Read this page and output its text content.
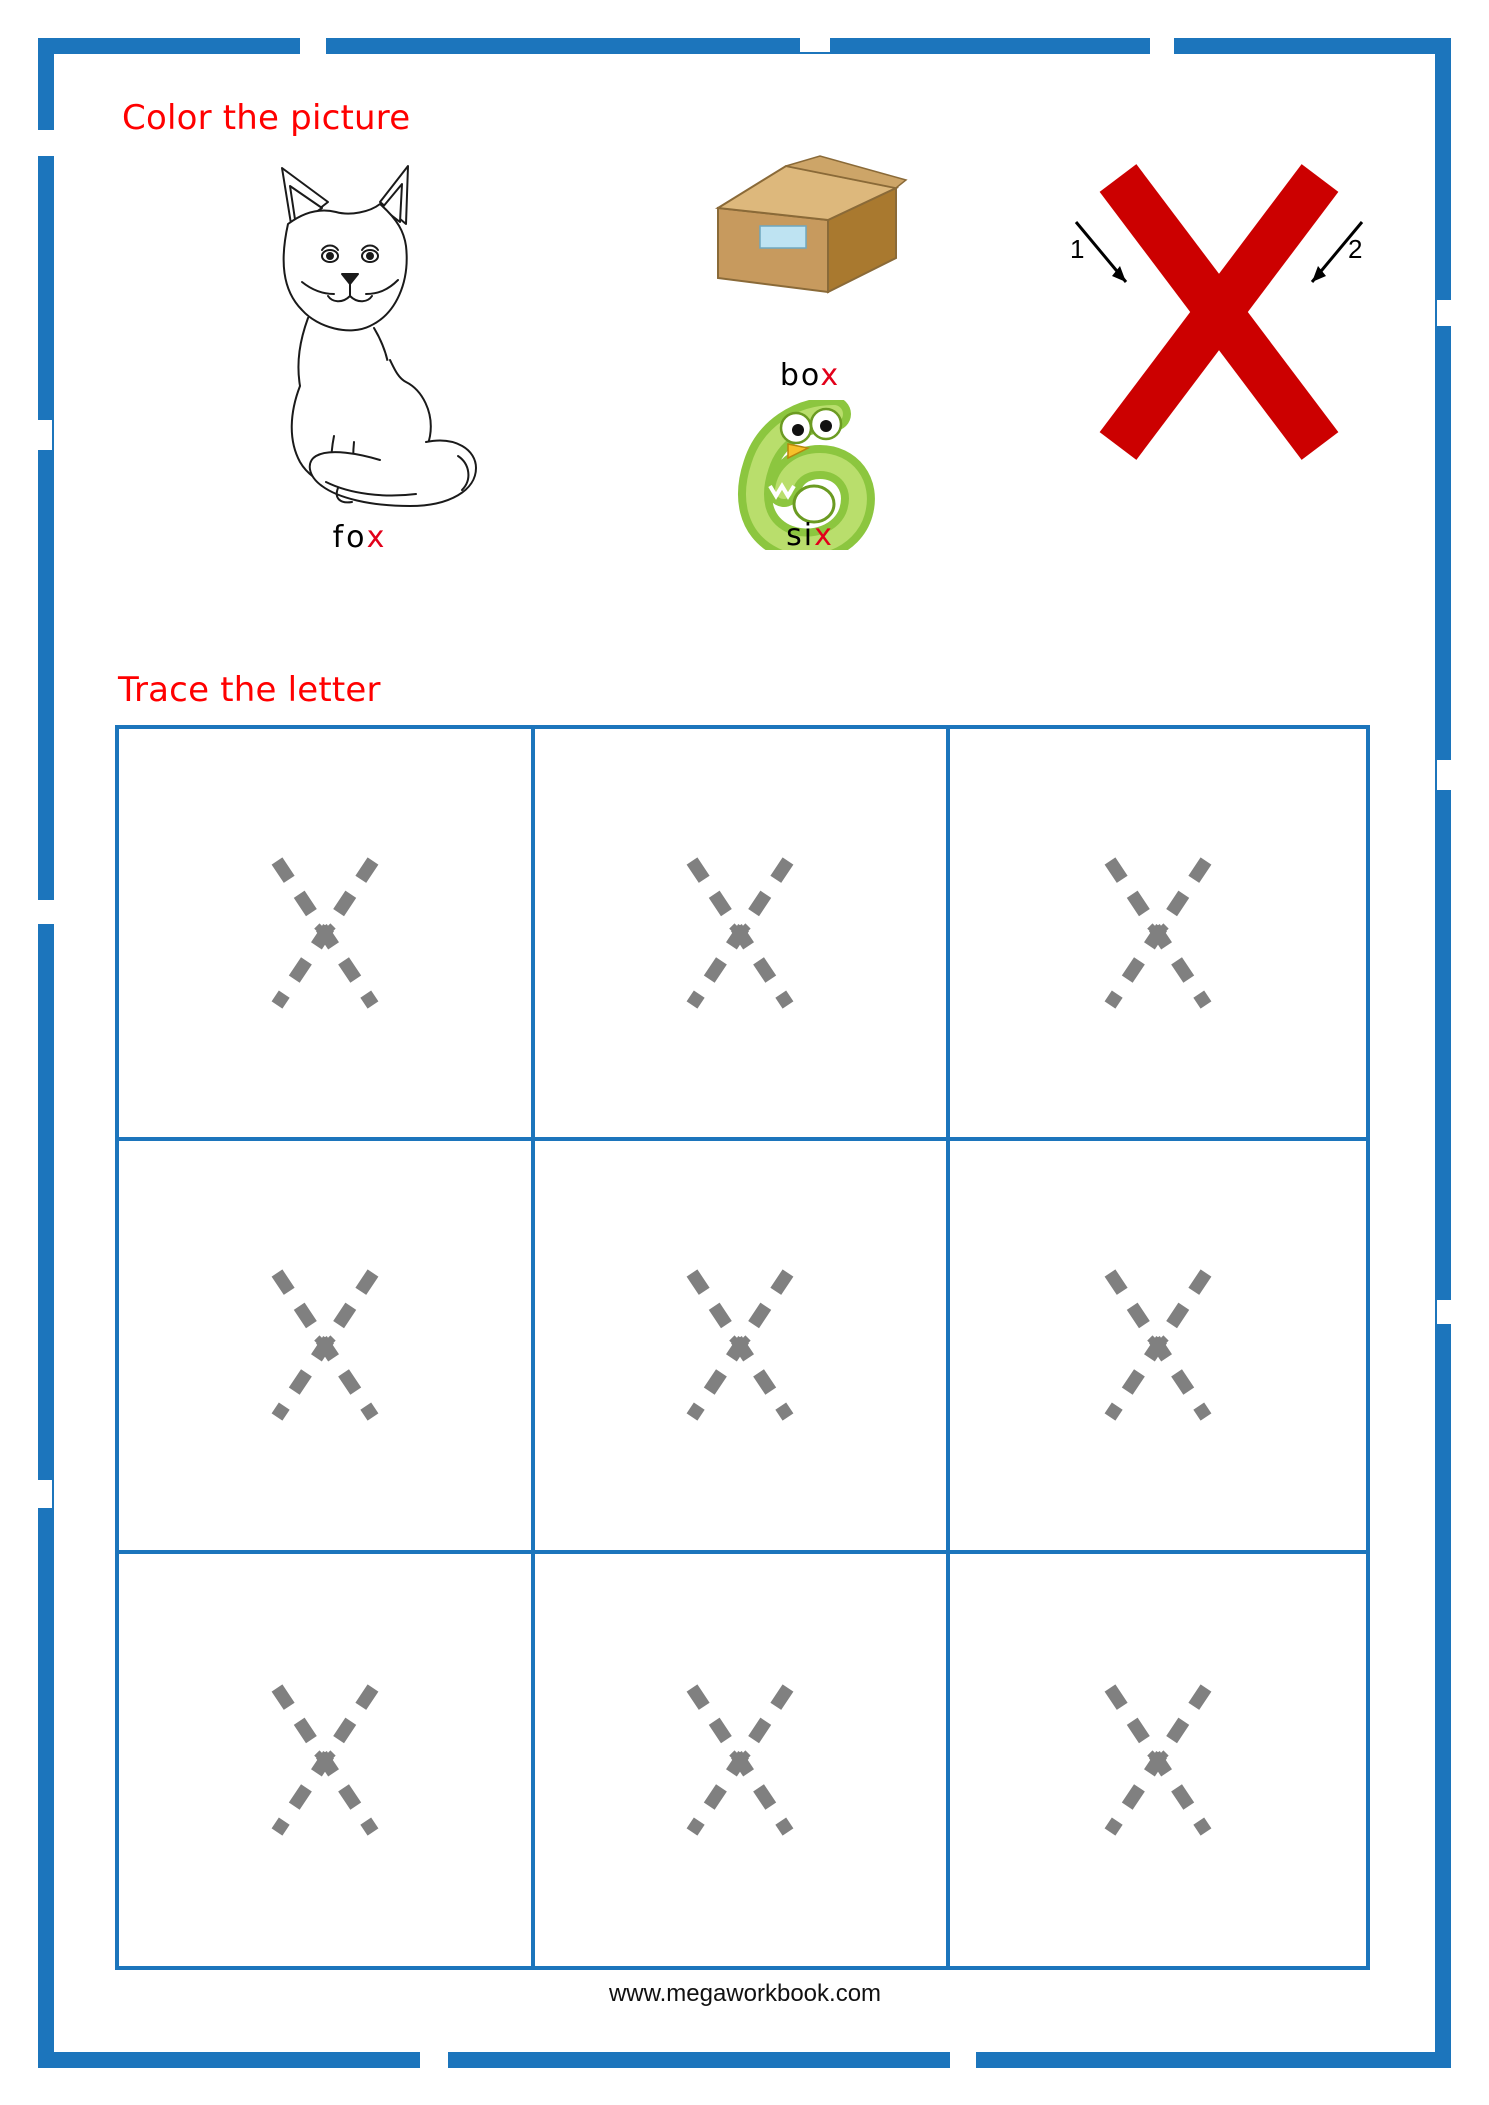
Color the picture
fox
box
six
1	2
Trace the letter
✖	✖	✖
✖	✖	✖
✖	✖	✖
www.megaworkbook.com
